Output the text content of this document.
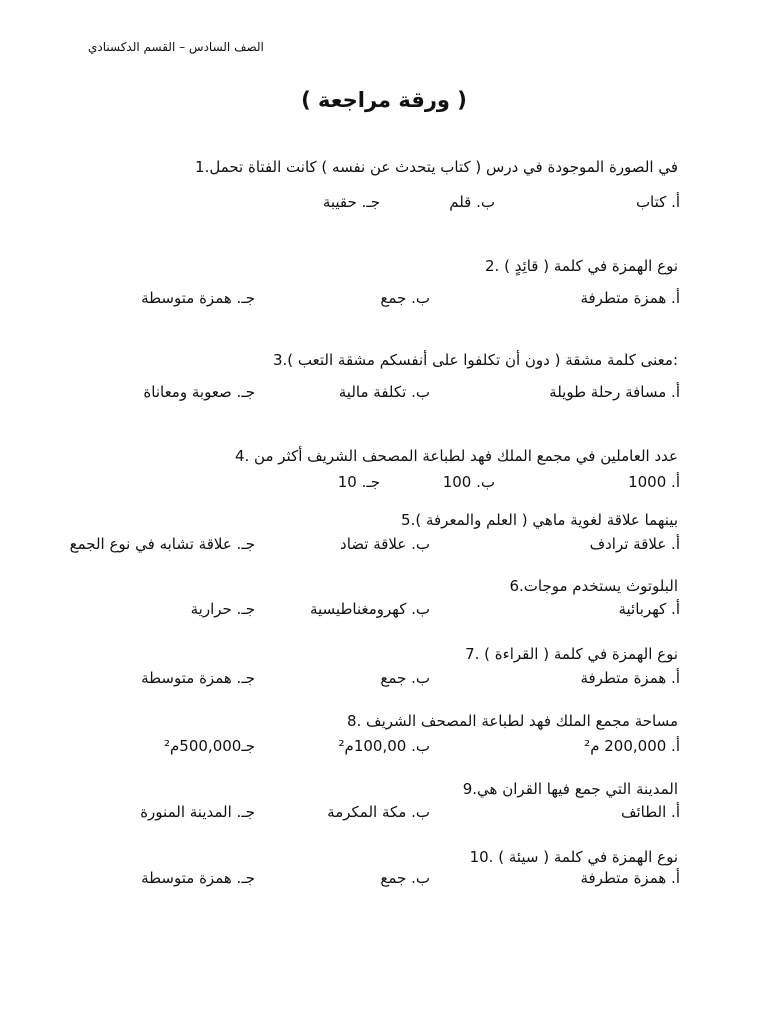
الصف السادس – القسم الدكسنادي
( ورقة مراجعة )
في الصورة الموجودة في درس ( كتاب يتحدث عن نفسه ) كانت الفتاة تحمل.1
أ. كتاب
ب. قلم
جـ. حقيبة
نوع الهمزة في كلمة ( قائِدٍ ) .2
أ. همزة متطرفة
ب. جمع
جـ. همزة متوسطة
:معنى كلمة مشقة ( دون أن تكلفوا على أنفسكم مشقة التعب ).3
أ. مسافة رحلة طويلة
ب. تكلفة مالية
جـ. صعوبة ومعاناة
عدد العاملين في مجمع الملك فهد لطباعة المصحف الشريف أكثر من .4
أ. 1000
ب. 100
جـ. 10
بينهما علاقة لغوية ماهي ( العلم والمعرفة ).5
أ. علاقة ترادف
ب. علاقة تضاد
جـ. علاقة تشابه في نوع الجمع
البلوتوث يستخدم موجات.6
أ. كهربائية
ب. كهرومغناطيسية
جـ. حرارية
نوع الهمزة في كلمة ( القراءة ) .7
أ. همزة متطرفة
ب. جمع
جـ. همزة متوسطة
مساحة مجمع الملك فهد لطباعة المصحف الشريف .8
أ. 200,000 م²
ب. 100,00م²
جـ500,000م²
المدينة التي جمع فيها القران هي.9
أ. الطائف
ب. مكة المكرمة
جـ. المدينة المنورة
نوع الهمزة في كلمة ( سيئة ) .10
أ. همزة متطرفة
ب. جمع
جـ. همزة متوسطة
